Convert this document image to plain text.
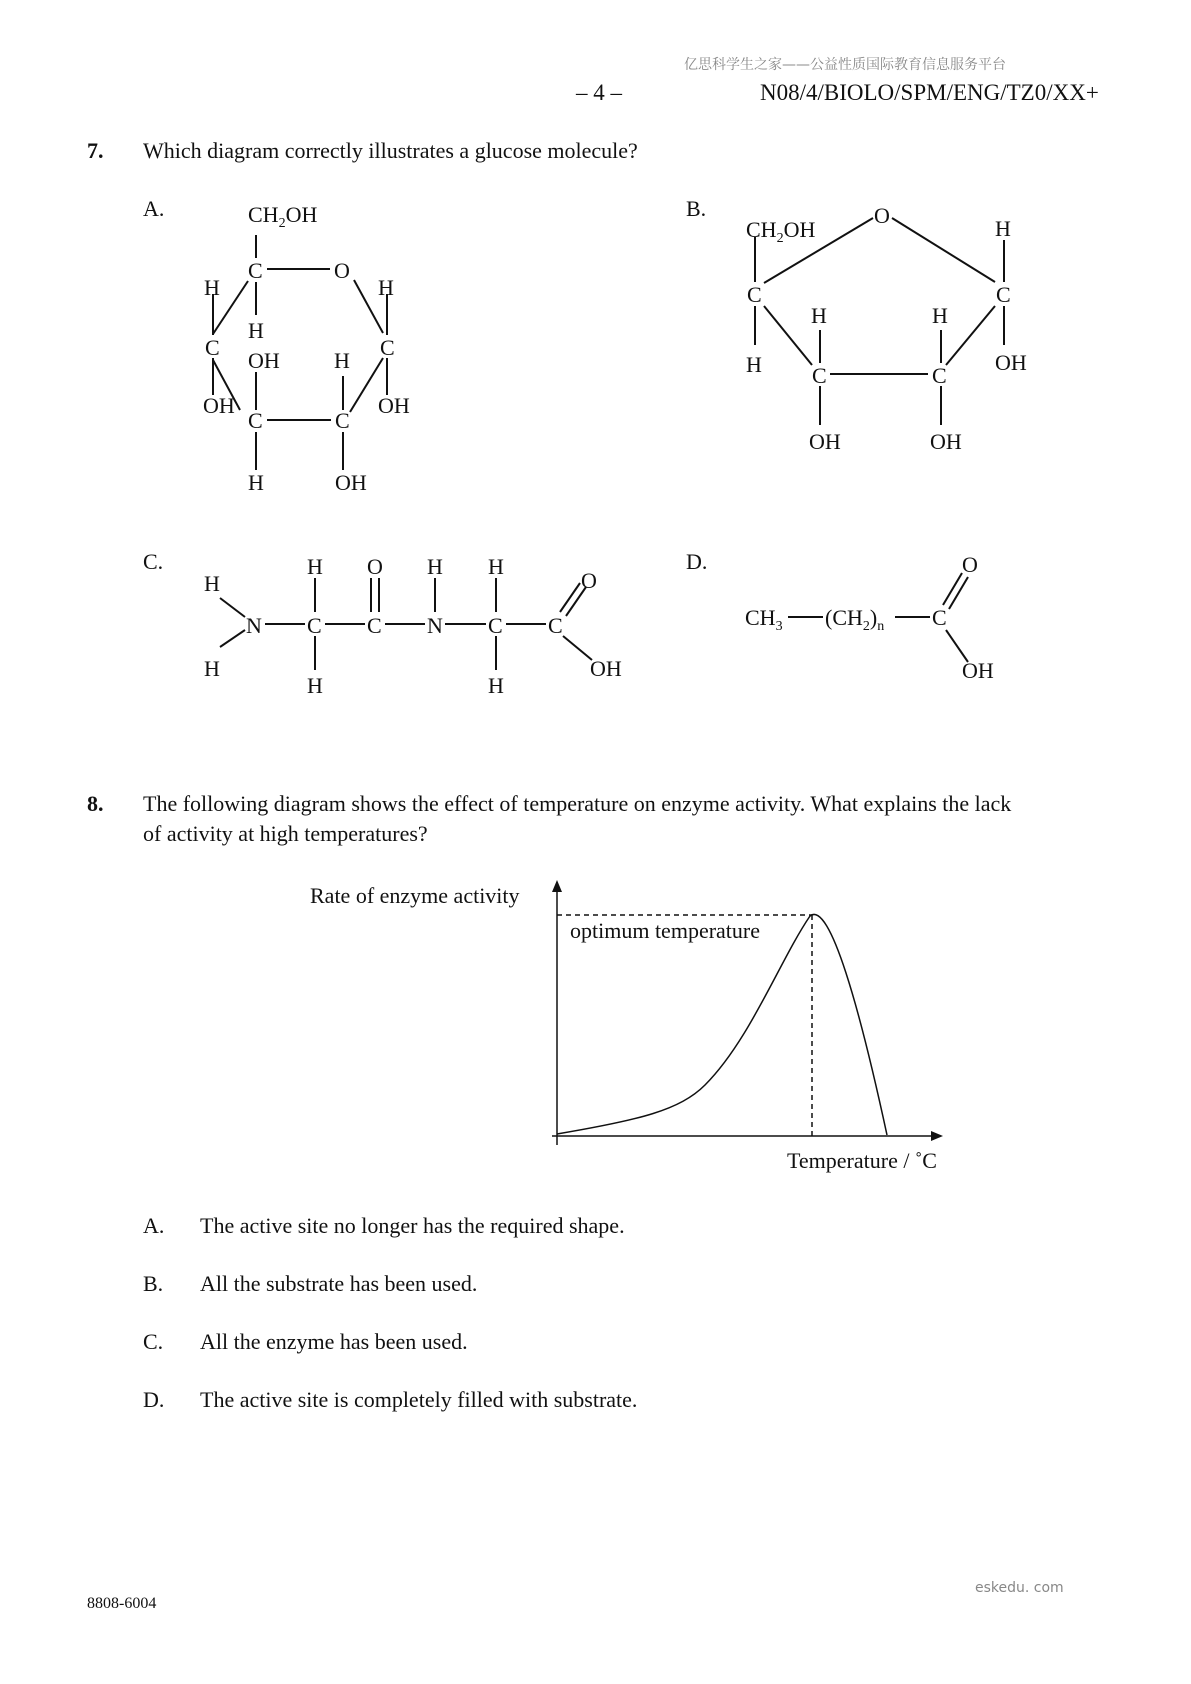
亿思科学生之家——公益性质国际教育信息服务平台
– 4 –	N08/4/BIOLO/SPM/ENG/TZ0/XX+
7. Which diagram correctly illustrates a glucose molecule?
A.	B.
C.	D.
$CH_2OH$
C	O
H	H
H
C	C
OH H
OH	OH
C	C
H	OH
$CH_2OH$
O
H
C	C
H	H
H	OH
C	C
OH	OH
H
H
N
H
C
H
O
C
H
N
H
C
H
C
O
OH
$CH_3$ $(CH_2)_n$ C
O
OH
8. The following diagram shows the effect of temperature on enzyme activity. What explains the lack
of activity at high temperatures?
Rate of enzyme activity
optimum temperature
Temperature / ˚C
A. The active site no longer has the required shape.
B. All the substrate has been used.
C. All the enzyme has been used.
D. The active site is completely filled with substrate.
8808-6004
eskedu. com
